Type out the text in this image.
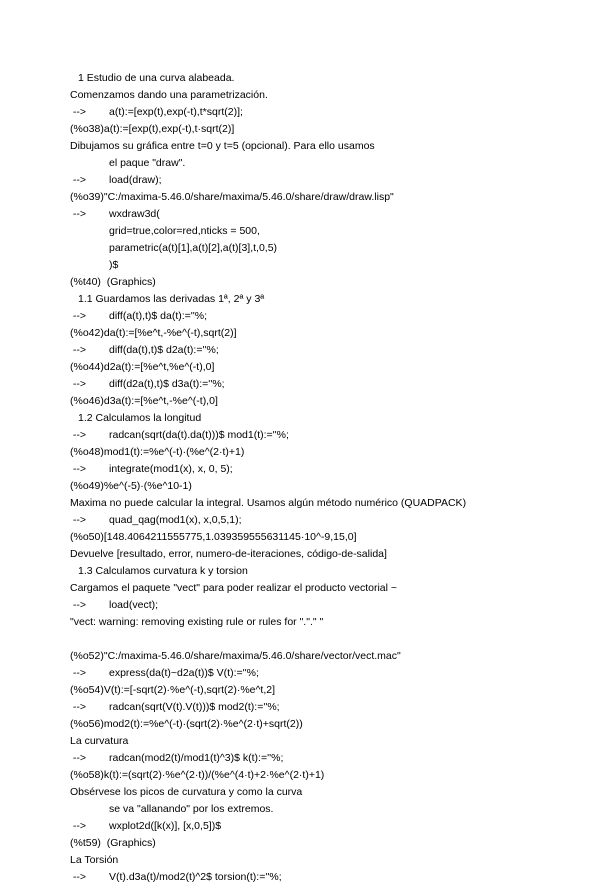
1 Estudio de una curva alabeada.
Comenzamos dando una parametrización.
--> a(t):=[exp(t),exp(-t),t*sqrt(2)];
(%o38)a(t):=[exp(t),exp(-t),t·sqrt(2)]
Dibujamos su gráfica entre t=0 y t=5 (opcional). Para ello usamos
el paque "draw".
--> load(draw);
(%o39)"C:/maxima-5.46.0/share/maxima/5.46.0/share/draw/draw.lisp"
--> wxdraw3d(
grid=true,color=red,nticks = 500,
parametric(a(t)[1],a(t)[2],a(t)[3],t,0,5)
)$
(%t40)  (Graphics)
1.1 Guardamos las derivadas 1ª, 2ª y 3ª
--> diff(a(t),t)$ da(t):=''%;
(%o42)da(t):=[%e^t,-%e^(-t),sqrt(2)]
--> diff(da(t),t)$ d2a(t):=''%;
(%o44)d2a(t):=[%e^t,%e^(-t),0]
--> diff(d2a(t),t)$ d3a(t):=''%;
(%o46)d3a(t):=[%e^t,-%e^(-t),0]
1.2 Calculamos la longitud
--> radcan(sqrt(da(t).da(t)))$ mod1(t):=''%;
(%o48)mod1(t):=%e^(-t)·(%e^(2·t)+1)
--> integrate(mod1(x), x, 0, 5);
(%o49)%e^(-5)·(%e^10-1)
Maxima no puede calcular la integral. Usamos algún método numérico (QUADPACK)
--> quad_qag(mod1(x), x,0,5,1);
(%o50)[148.4064211555775,1.039359555631145·10^-9,15,0]
Devuelve [resultado, error, numero-de-iteraciones, código-de-salida]
1.3 Calculamos curvatura k y torsion
Cargamos el paquete "vect" para poder realizar el producto vectorial ~
--> load(vect);
"vect: warning: removing existing rule or rules for "."." "
(%o52)"C:/maxima-5.46.0/share/maxima/5.46.0/share/vector/vect.mac"
--> express(da(t)~d2a(t))$ V(t):=''%;
(%o54)V(t):=[-sqrt(2)·%e^(-t),sqrt(2)·%e^t,2]
--> radcan(sqrt(V(t).V(t)))$ mod2(t):=''%;
(%o56)mod2(t):=%e^(-t)·(sqrt(2)·%e^(2·t)+sqrt(2))
La curvatura
--> radcan(mod2(t)/mod1(t)^3)$ k(t):=''%;
(%o58)k(t):=(sqrt(2)·%e^(2·t))/(%e^(4·t)+2·%e^(2·t)+1)
Obsérvese los picos de curvatura y como la curva
se va "allanando" por los extremos.
--> wxplot2d([k(x)], [x,0,5])$
(%t59)  (Graphics)
La Torsión
--> V(t).d3a(t)/mod2(t)^2$ torsion(t):=''%;
